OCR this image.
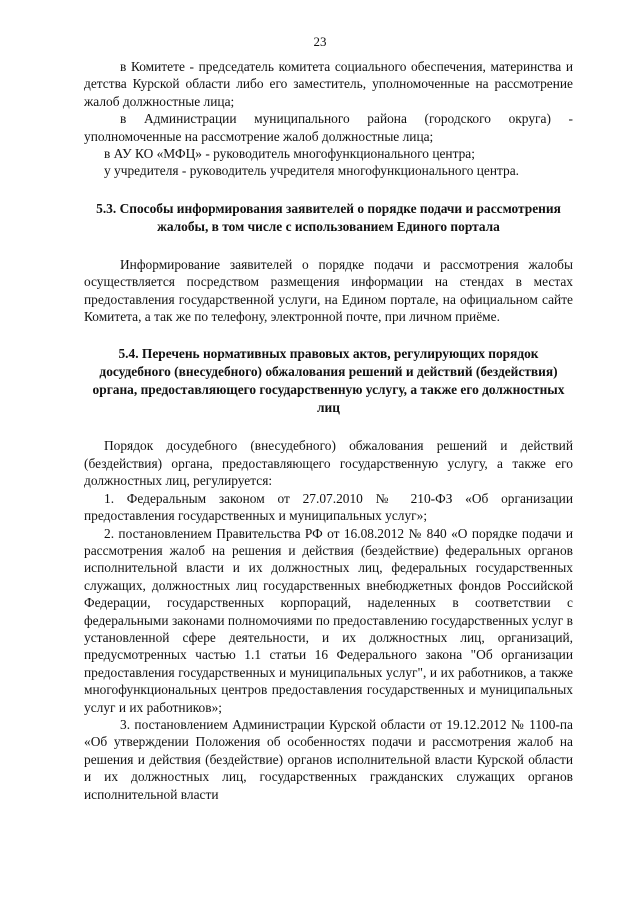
23

в Комитете - председатель комитета социального обеспечения, материнства и детства Курской области либо его заместитель, уполномоченные на рассмотрение жалоб должностные лица;

в Администрации муниципального района (городского округа) - уполномоченные на рассмотрение жалоб должностные лица;

в АУ КО «МФЦ» - руководитель многофункционального центра;

у учредителя - руководитель учредителя многофункционального центра.

5.3. Способы информирования заявителей о порядке подачи и рассмотрения жалобы, в том числе с использованием Единого портала

Информирование заявителей о порядке подачи и рассмотрения жалобы осуществляется посредством размещения информации на стендах в местах предоставления государственной услуги, на Едином портале, на официальном сайте Комитета, а так же по телефону, электронной почте, при личном приёме.

5.4. Перечень нормативных правовых актов, регулирующих порядок досудебного (внесудебного) обжалования решений и действий (бездействия) органа, предоставляющего государственную услугу, а также его должностных лиц

Порядок досудебного (внесудебного) обжалования решений и действий (бездействия) органа, предоставляющего государственную услугу, а также его должностных лиц, регулируется:

1. Федеральным законом от 27.07.2010 № 210-ФЗ «Об организации предоставления государственных и муниципальных услуг»;

2. постановлением Правительства РФ от 16.08.2012 № 840 «О порядке подачи и рассмотрения жалоб на решения и действия (бездействие) федеральных органов исполнительной власти и их должностных лиц, федеральных государственных служащих, должностных лиц государственных внебюджетных фондов Российской Федерации, государственных корпораций, наделенных в соответствии с федеральными законами полномочиями по предоставлению государственных услуг в установленной сфере деятельности, и их должностных лиц, организаций, предусмотренных частью 1.1 статьи 16 Федерального закона "Об организации предоставления государственных и муниципальных услуг", и их работников, а также многофункциональных центров предоставления государственных и муниципальных услуг и их работников»;

3. постановлением Администрации Курской области от 19.12.2012 № 1100-па «Об утверждении Положения об особенностях подачи и рассмотрения жалоб на решения и действия (бездействие) органов исполнительной власти Курской области и их должностных лиц, государственных гражданских служащих органов исполнительной власти
